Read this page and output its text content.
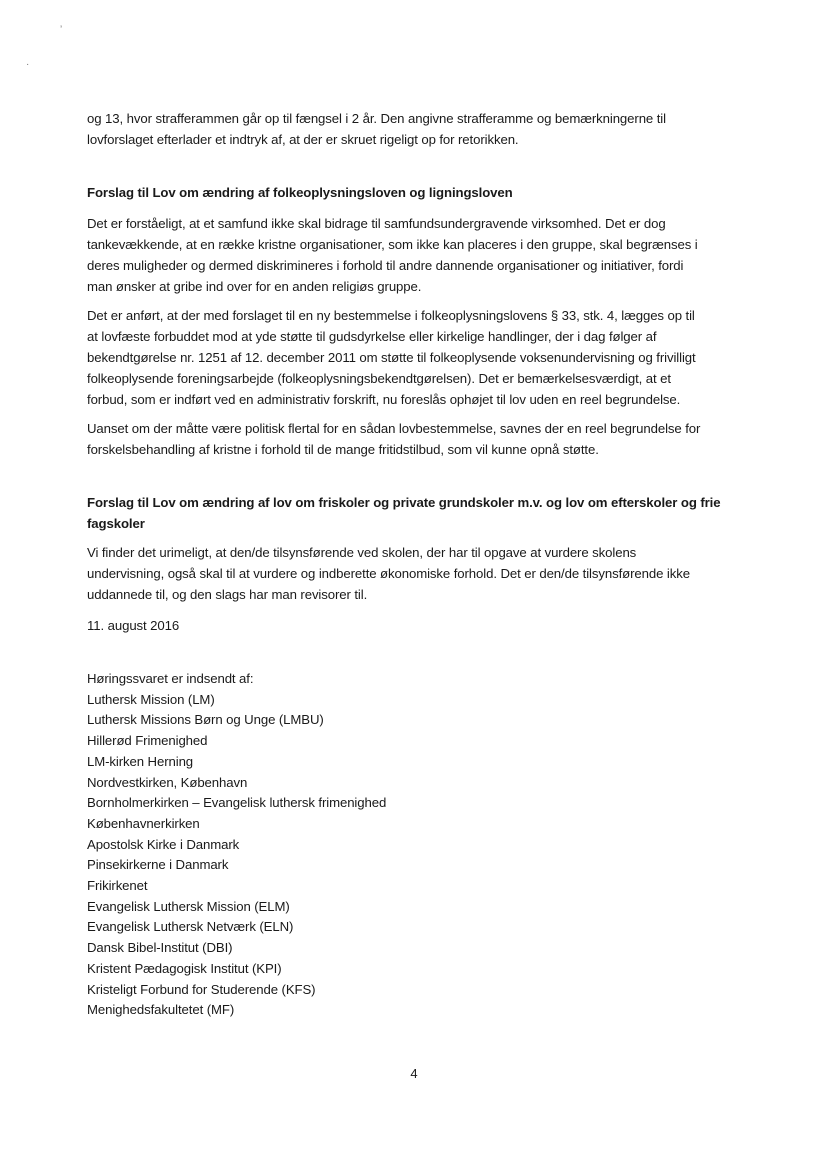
ʼ
·

og 13, hvor strafferammen går op til fængsel i 2 år. Den angivne strafferamme og bemærkningerne til
lovforslaget efterlader et indtryk af, at der er skruet rigeligt op for retorikken.

Forslag til Lov om ændring af folkeoplysningsloven og ligningsloven

Det er forståeligt, at et samfund ikke skal bidrage til samfundsundergravende virksomhed. Det er dog
tankevækkende, at en række kristne organisationer, som ikke kan placeres i den gruppe, skal begrænses i
deres muligheder og dermed diskrimineres i forhold til andre dannende organisationer og initiativer, fordi
man ønsker at gribe ind over for en anden religiøs gruppe.

Det er anført, at der med forslaget til en ny bestemmelse i folkeoplysningslovens § 33, stk. 4, lægges op til
at lovfæste forbuddet mod at yde støtte til gudsdyrkelse eller kirkelige handlinger, der i dag følger af
bekendtgørelse nr. 1251 af 12. december 2011 om støtte til folkeoplysende voksenundervisning og frivilligt
folkeoplysende foreningsarbejde (folkeoplysningsbekendtgørelsen). Det er bemærkelsesværdigt, at et
forbud, som er indført ved en administrativ forskrift, nu foreslås ophøjet til lov uden en reel begrundelse.

Uanset om der måtte være politisk flertal for en sådan lovbestemmelse, savnes der en reel begrundelse for
forskelsbehandling af kristne i forhold til de mange fritidstilbud, som vil kunne opnå støtte.

Forslag til Lov om ændring af lov om friskoler og private grundskoler m.v. og lov om efterskoler og frie
fagskoler

Vi finder det urimeligt, at den/de tilsynsførende ved skolen, der har til opgave at vurdere skolens
undervisning, også skal til at vurdere og indberette økonomiske forhold. Det er den/de tilsynsførende ikke
uddannede til, og den slags har man revisorer til.

11. august 2016

Høringssvaret er indsendt af:

Luthersk Mission (LM)
Luthersk Missions Børn og Unge (LMBU)
Hillerød Frimenighed
LM-kirken Herning
Nordvestkirken, København
Bornholmerkirken – Evangelisk luthersk frimenighed
Københavnerkirken
Apostolsk Kirke i Danmark
Pinsekirkerne i Danmark
Frikirkenet
Evangelisk Luthersk Mission (ELM)
Evangelisk Luthersk Netværk (ELN)
Dansk Bibel-Institut (DBI)
Kristent Pædagogisk Institut (KPI)
Kristeligt Forbund for Studerende (KFS)
Menighedsfakultetet (MF)
4
